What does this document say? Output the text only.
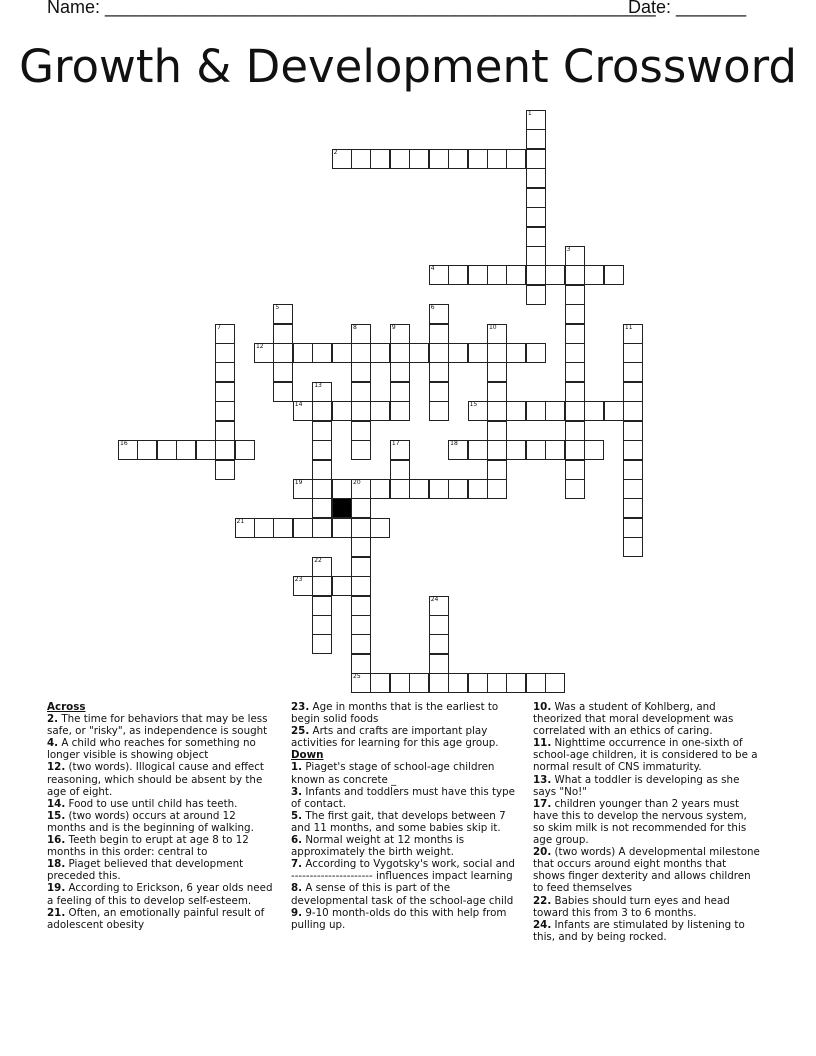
Name: _______________________________________________________
Date: _______
Growth & Development Crossword
1
2
3
4
5	6
7	8	9	10	11
12
13
14	15
16	17	18
19	20
25
21
22
23
24
Across
2. The time for behaviors that may be less safe, or "risky", as independence is sought
4. A child who reaches for something no longer visible is showing object
12. (two words). Illogical cause and effect reasoning, which should be absent by the age of eight.
14. Food to use until child has teeth.
15. (two words) occurs at around 12 months and is the beginning of walking.
16. Teeth begin to erupt at age 8 to 12 months in this order: central to
18. Piaget believed that development preceded this.
19. According to Erickson, 6 year olds need a feeling of this to develop self-esteem.
21. Often, an emotionally painful result of adolescent obesity
23. Age in months that is the earliest to begin solid foods
25. Arts and crafts are important play activities for learning for this age group.
Down
1. Piaget's stage of school-age children known as concrete _
3. Infants and toddlers must have this type of contact.
5. The first gait, that develops between 7 and 11 months, and some babies skip it.
6. Normal weight at 12 months is approximately the birth weight.
7. According to Vygotsky's work, social and ---------------------- influences impact learning
8. A sense of this is part of the developmental task of the school-age child
9. 9-10 month-olds do this with help from pulling up.
10. Was a student of Kohlberg, and theorized that moral development was correlated with an ethics of caring.
11. Nighttime occurrence in one-sixth of school-age children, it is considered to be a normal result of CNS immaturity.
13. What a toddler is developing as she says "No!"
17. children younger than 2 years must have this to develop the nervous system, so skim milk is not recommended for this age group.
20. (two words) A developmental milestone that occurs around eight months that shows finger dexterity and allows children to feed themselves
22. Babies should turn eyes and head toward this from 3 to 6 months.
24. Infants are stimulated by listening to this, and by being rocked.
